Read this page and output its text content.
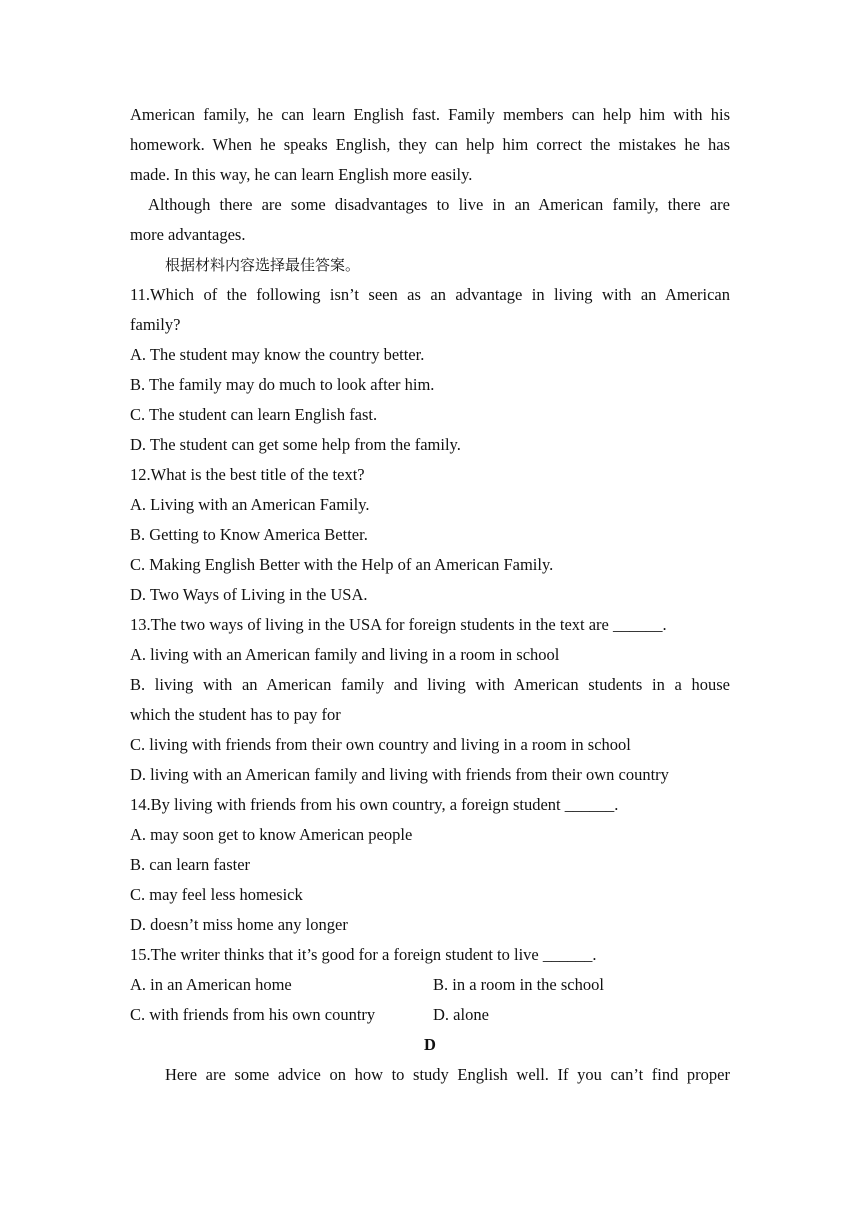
American family, he can learn English fast. Family members can help him with his
homework. When he speaks English, they can help him correct the mistakes he has
made. In this way, he can learn English more easily.
Although there are some disadvantages to live in an American family, there are
more advantages.
根据材料内容选择最佳答案。
11.Which of the following isn’t seen as an advantage in living with an American
family?
A. The student may know the country better.
B. The family may do much to look after him.
C. The student can learn English fast.
D. The student can get some help from the family.
12.What is the best title of the text?
A. Living with an American Family.
B. Getting to Know America Better.
C. Making English Better with the Help of an American Family.
D. Two Ways of Living in the USA.
13.The two ways of living in the USA for foreign students in the text are ______.
A. living with an American family and living in a room in school
B. living with an American family and living with American students in a house
which the student has to pay for
C. living with friends from their own country and living in a room in school
D. living with an American family and living with friends from their own country
14.By living with friends from his own country, a foreign student ______.
A. may soon get to know American people
B. can learn faster
C. may feel less homesick
D. doesn’t miss home any longer
15.The writer thinks that it’s good for a foreign student to live ______.
A. in an American home	B. in a room in the school
C. with friends from his own country	D. alone
D
Here are some advice on how to study English well. If you can’t find proper
